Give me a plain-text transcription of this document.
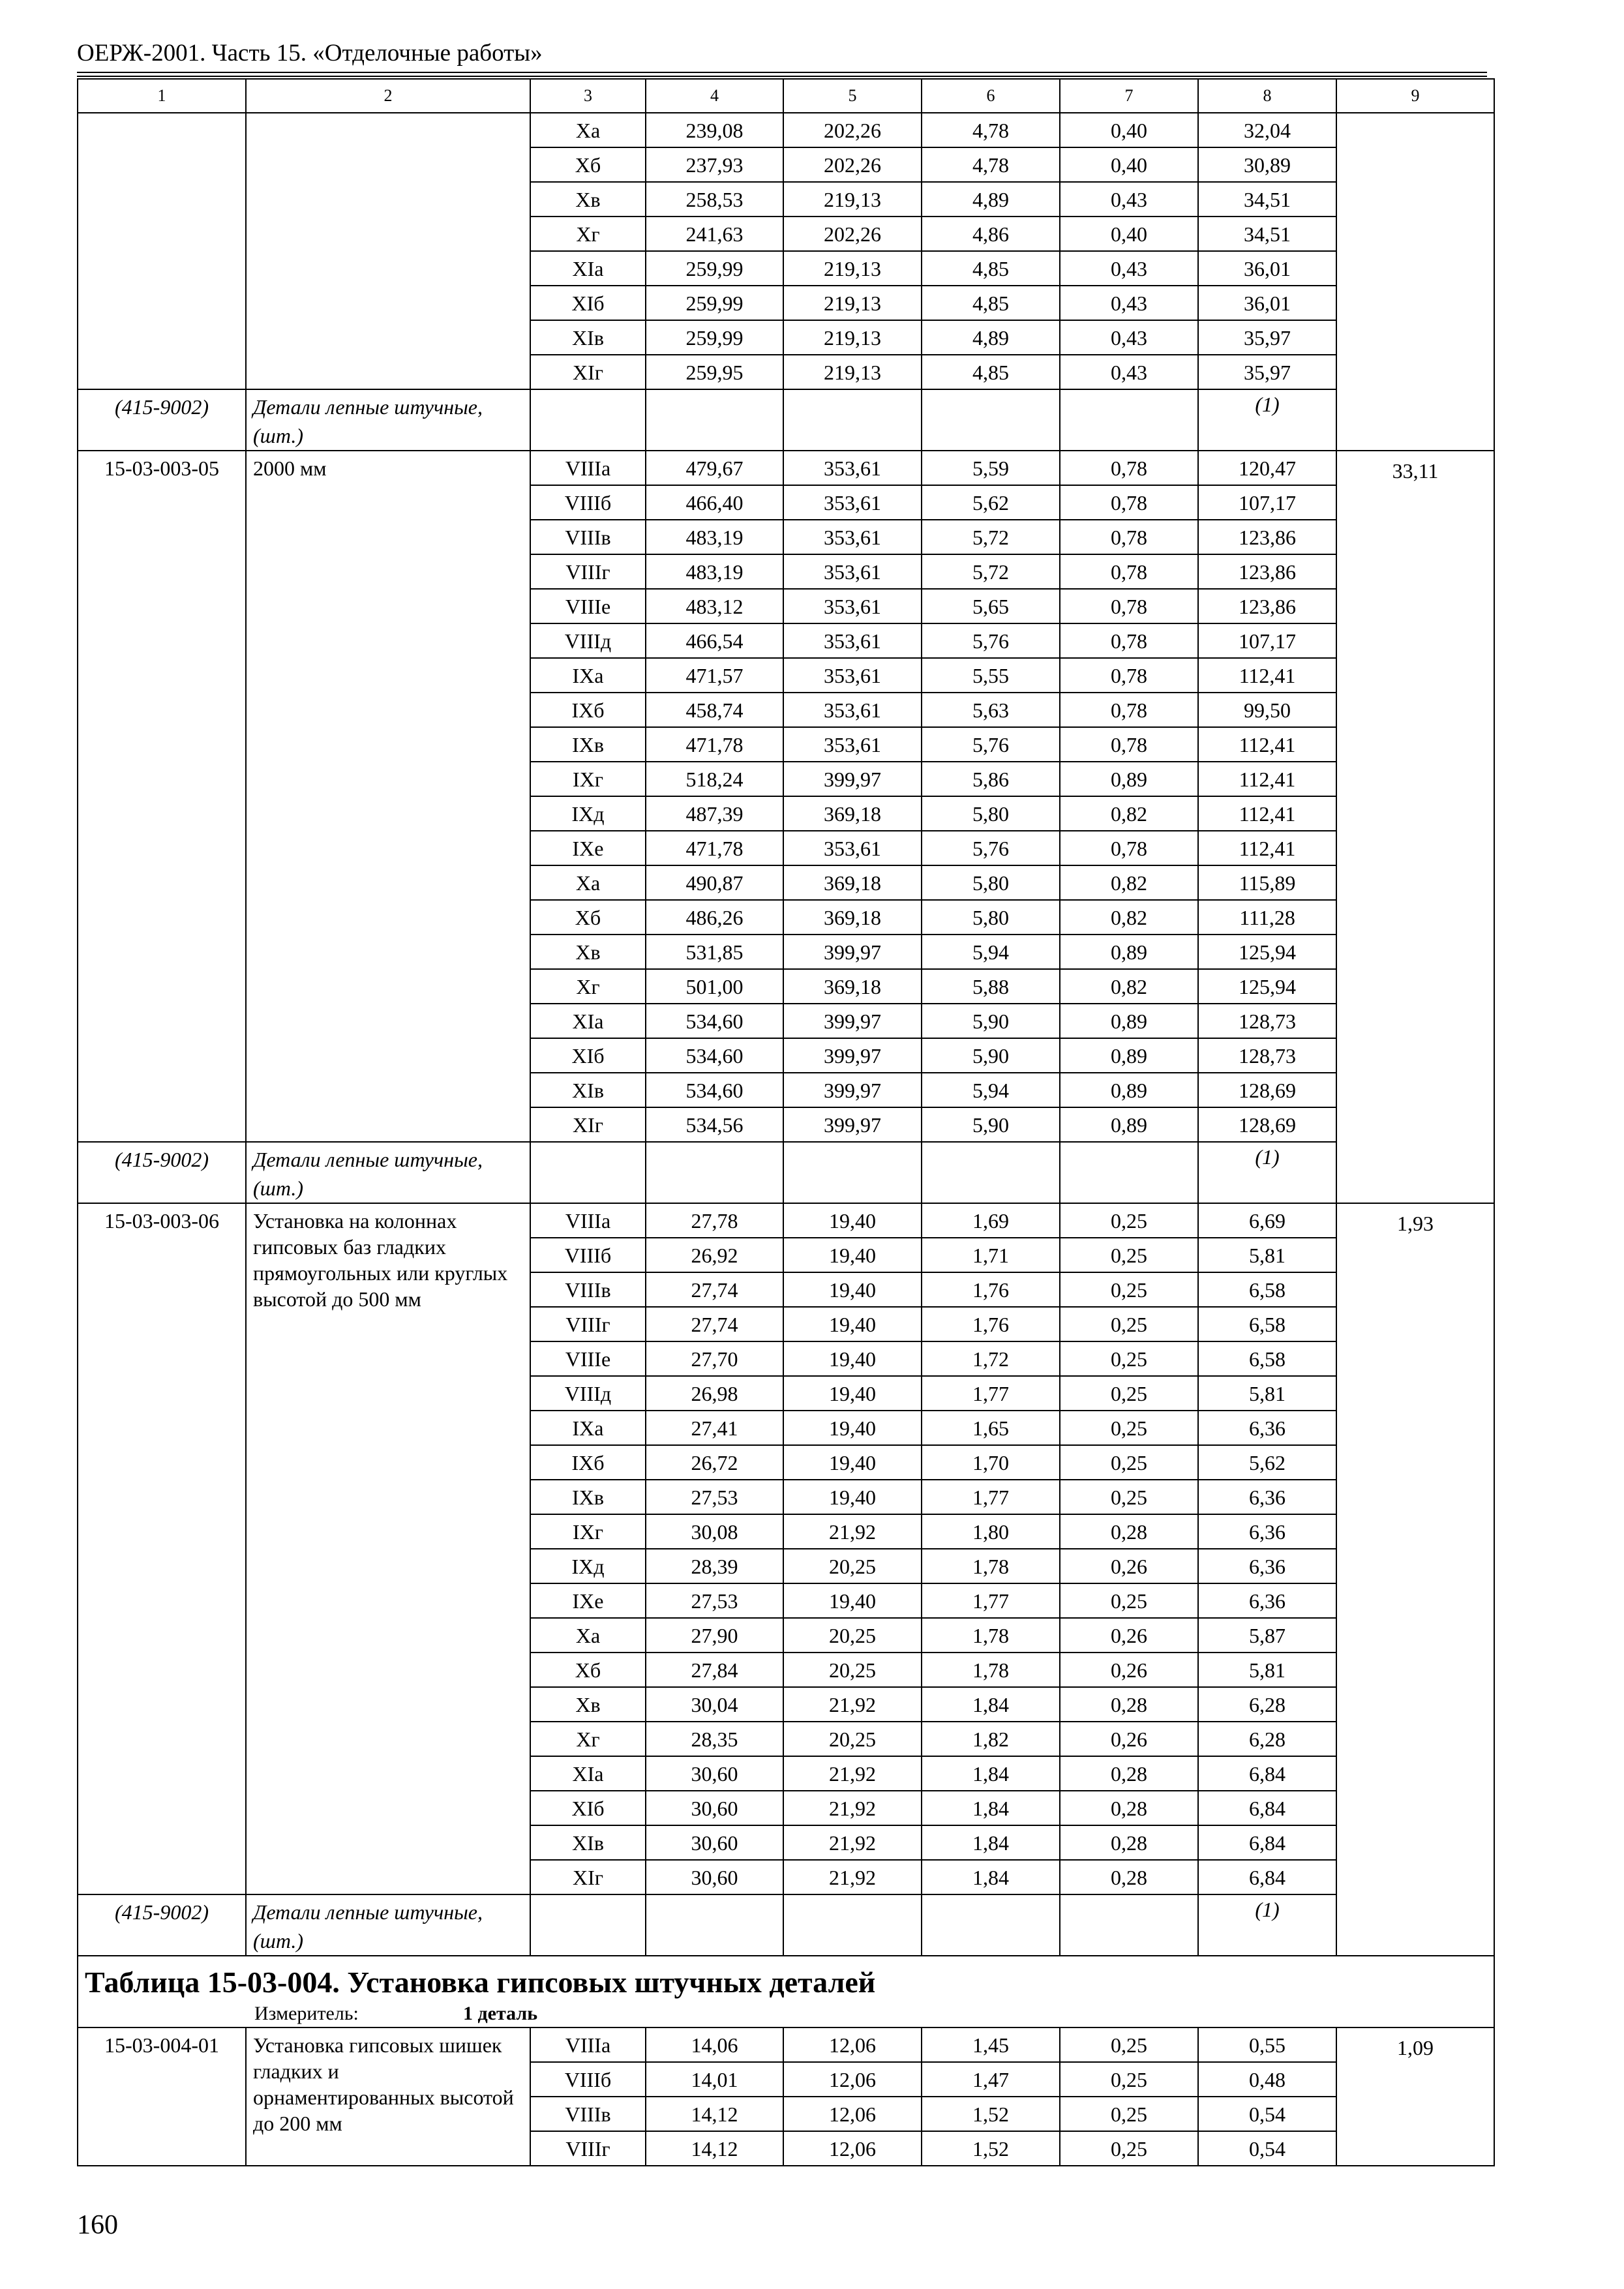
ОЕРЖ-2001. Часть 15. «Отделочные работы»
1	2	3	4	5	6	7	8	9
		Xa	239,08	202,26	4,78	0,40	32,04	
		Xб	237,93	202,26	4,78	0,40	30,89	
		Xв	258,53	219,13	4,89	0,43	34,51	
		Xг	241,63	202,26	4,86	0,40	34,51	
		XIa	259,99	219,13	4,85	0,43	36,01	
		XIб	259,99	219,13	4,85	0,43	36,01	
		XIв	259,99	219,13	4,89	0,43	35,97	
		XIг	259,95	219,13	4,85	0,43	35,97	
(415-9002)	Детали лепные штучные, (шт.)						(1)	
15-03-003-05	2000 мм	VIIIa	479,67	353,61	5,59	0,78	120,47	33,11
		VIIIб	466,40	353,61	5,62	0,78	107,17	
		VIIIв	483,19	353,61	5,72	0,78	123,86	
		VIIIг	483,19	353,61	5,72	0,78	123,86	
		VIIIe	483,12	353,61	5,65	0,78	123,86	
		VIIIд	466,54	353,61	5,76	0,78	107,17	
		IXa	471,57	353,61	5,55	0,78	112,41	
		IXб	458,74	353,61	5,63	0,78	99,50	
		IXв	471,78	353,61	5,76	0,78	112,41	
		IXг	518,24	399,97	5,86	0,89	112,41	
		IXд	487,39	369,18	5,80	0,82	112,41	
		IXe	471,78	353,61	5,76	0,78	112,41	
		Xa	490,87	369,18	5,80	0,82	115,89	
		Xб	486,26	369,18	5,80	0,82	111,28	
		Xв	531,85	399,97	5,94	0,89	125,94	
		Xг	501,00	369,18	5,88	0,82	125,94	
		XIa	534,60	399,97	5,90	0,89	128,73	
		XIб	534,60	399,97	5,90	0,89	128,73	
		XIв	534,60	399,97	5,94	0,89	128,69	
		XIг	534,56	399,97	5,90	0,89	128,69	
(415-9002)	Детали лепные штучные, (шт.)						(1)	
15-03-003-06	Установка на колоннах гипсовых баз гладких прямоугольных или круглых высотой до 500 мм	VIIIa	27,78	19,40	1,69	0,25	6,69	1,93
		VIIIб	26,92	19,40	1,71	0,25	5,81	
		VIIIв	27,74	19,40	1,76	0,25	6,58	
		VIIIг	27,74	19,40	1,76	0,25	6,58	
		VIIIe	27,70	19,40	1,72	0,25	6,58	
		VIIIд	26,98	19,40	1,77	0,25	5,81	
		IXa	27,41	19,40	1,65	0,25	6,36	
		IXб	26,72	19,40	1,70	0,25	5,62	
		IXв	27,53	19,40	1,77	0,25	6,36	
		IXг	30,08	21,92	1,80	0,28	6,36	
		IXд	28,39	20,25	1,78	0,26	6,36	
		IXe	27,53	19,40	1,77	0,25	6,36	
		Xa	27,90	20,25	1,78	0,26	5,87	
		Xб	27,84	20,25	1,78	0,26	5,81	
		Xв	30,04	21,92	1,84	0,28	6,28	
		Xг	28,35	20,25	1,82	0,26	6,28	
		XIa	30,60	21,92	1,84	0,28	6,84	
		XIб	30,60	21,92	1,84	0,28	6,84	
		XIв	30,60	21,92	1,84	0,28	6,84	
		XIг	30,60	21,92	1,84	0,28	6,84	
(415-9002)	Детали лепные штучные, (шт.)						(1)	
Таблица 15-03-004. Установка гипсовых штучных деталей								
Измеритель: 1 деталь								
15-03-004-01	Установка гипсовых шишек гладких и орнаментированных высотой до 200 мм	VIIIa	14,06	12,06	1,45	0,25	0,55	1,09
		VIIIб	14,01	12,06	1,47	0,25	0,48	
		VIIIв	14,12	12,06	1,52	0,25	0,54	
		VIIIг	14,12	12,06	1,52	0,25	0,54	
160
